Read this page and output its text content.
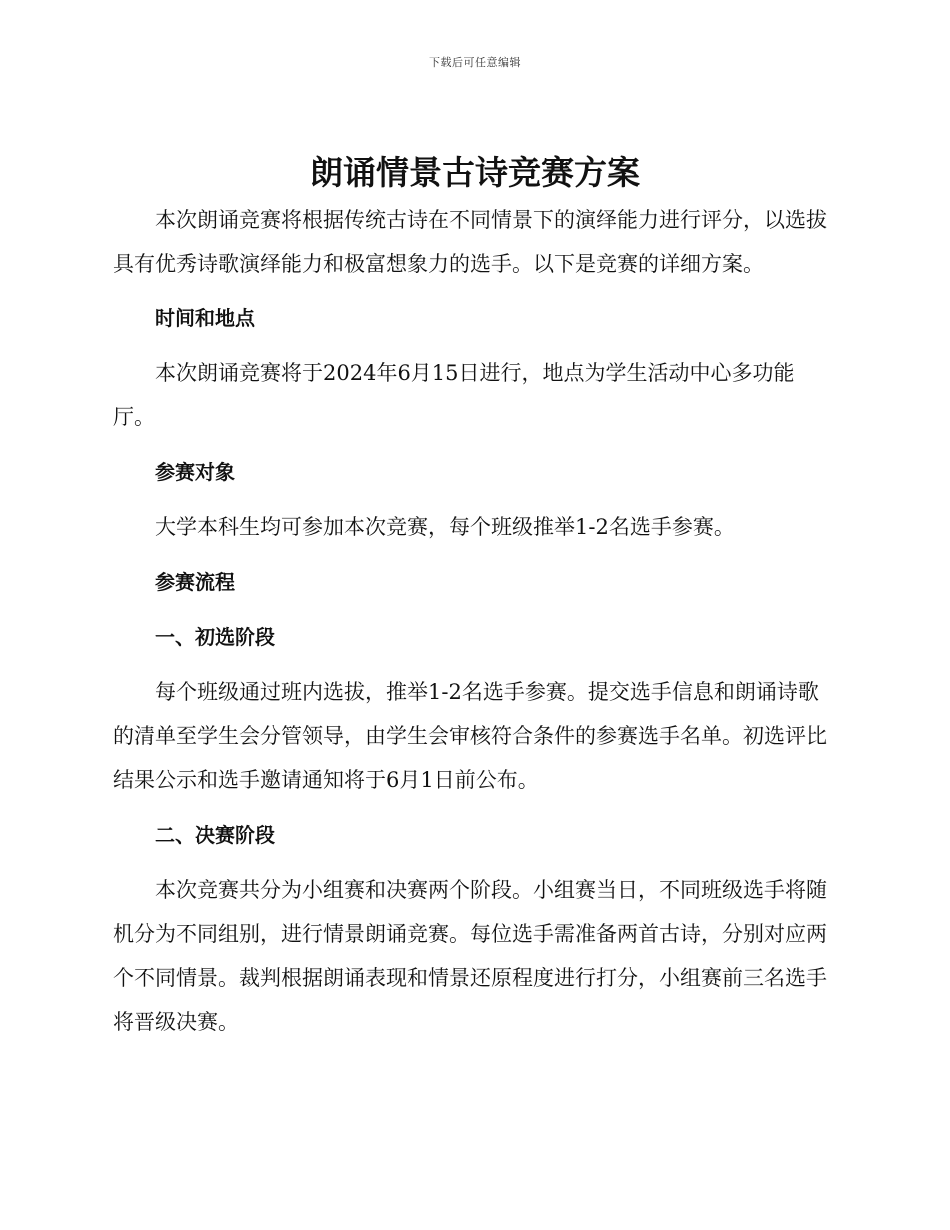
下载后可任意编辑
朗诵情景古诗竞赛方案

本次朗诵竞赛将根据传统古诗在不同情景下的演绎能力进行评分，以选拔具有优秀诗歌演绎能力和极富想象力的选手。以下是竞赛的详细方案。

时间和地点

本次朗诵竞赛将于2024年6月15日进行，地点为学生活动中心多功能厅。

参赛对象

大学本科生均可参加本次竞赛，每个班级推举1-2名选手参赛。

参赛流程

一、初选阶段

每个班级通过班内选拔，推举1-2名选手参赛。提交选手信息和朗诵诗歌的清单至学生会分管领导，由学生会审核符合条件的参赛选手名单。初选评比结果公示和选手邀请通知将于6月1日前公布。

二、决赛阶段

本次竞赛共分为小组赛和决赛两个阶段。小组赛当日，不同班级选手将随机分为不同组别，进行情景朗诵竞赛。每位选手需准备两首古诗，分别对应两个不同情景。裁判根据朗诵表现和情景还原程度进行打分，小组赛前三名选手将晋级决赛。
